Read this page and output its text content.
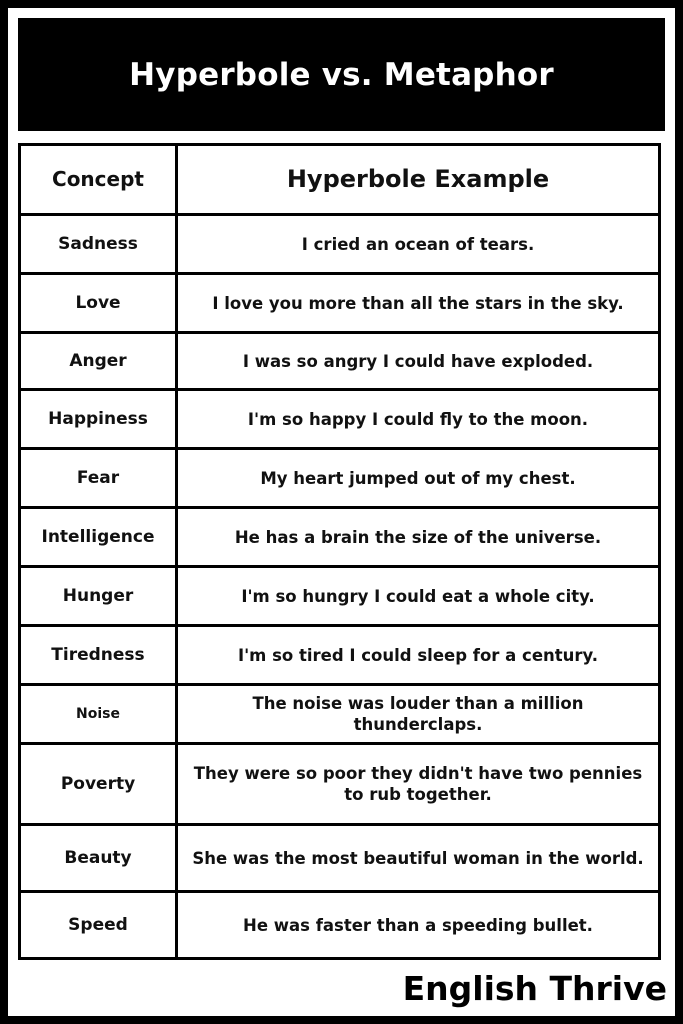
Hyperbole vs. Metaphor
Concept	Hyperbole Example
Sadness	I cried an ocean of tears.
Love	I love you more than all the stars in the sky.
Anger	I was so angry I could have exploded.
Happiness	I'm so happy I could fly to the moon.
Fear	My heart jumped out of my chest.
Intelligence	He has a brain the size of the universe.
Hunger	I'm so hungry I could eat a whole city.
Tiredness	I'm so tired I could sleep for a century.
Noise	The noise was louder than a million thunderclaps.
Poverty	They were so poor they didn't have two pennies to rub together.
Beauty	She was the most beautiful woman in the world.
Speed	He was faster than a speeding bullet.
English Thrive
